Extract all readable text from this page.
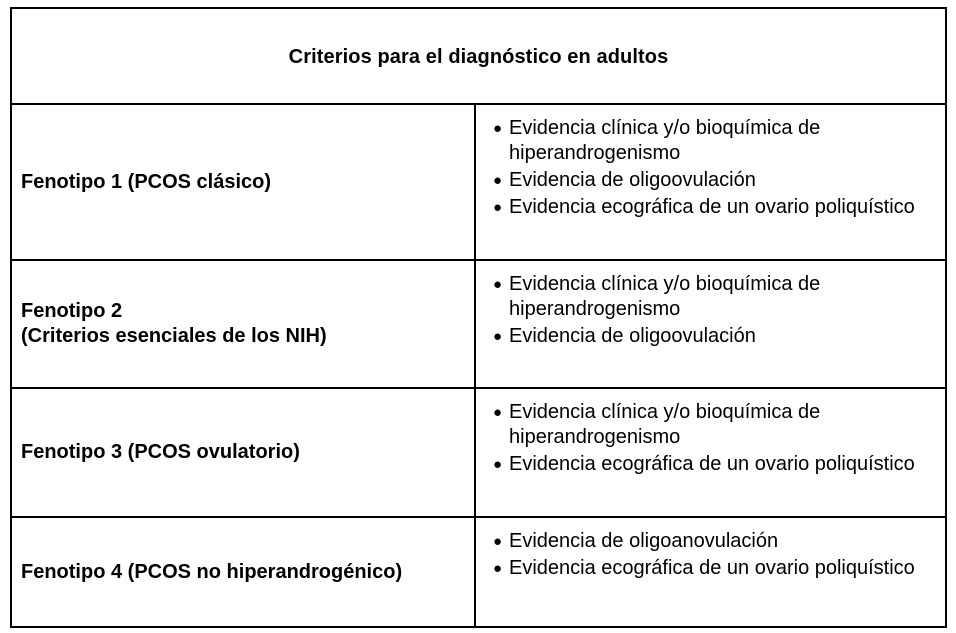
Criterios para el diagnóstico en adultos
Fenotipo 1 (PCOS clásico)
● Evidencia clínica y/o bioquímica de hiperandrogenismo
● Evidencia de oligoovulación
● Evidencia ecográfica de un ovario poliquístico
Fenotipo 2
(Criterios esenciales de los NIH)
● Evidencia clínica y/o bioquímica de hiperandrogenismo
● Evidencia de oligoovulación
Fenotipo 3 (PCOS ovulatorio)
● Evidencia clínica y/o bioquímica de hiperandrogenismo
● Evidencia ecográfica de un ovario poliquístico
Fenotipo 4 (PCOS no hiperandrogénico)
● Evidencia de oligoanovulación
● Evidencia ecográfica de un ovario poliquístico
